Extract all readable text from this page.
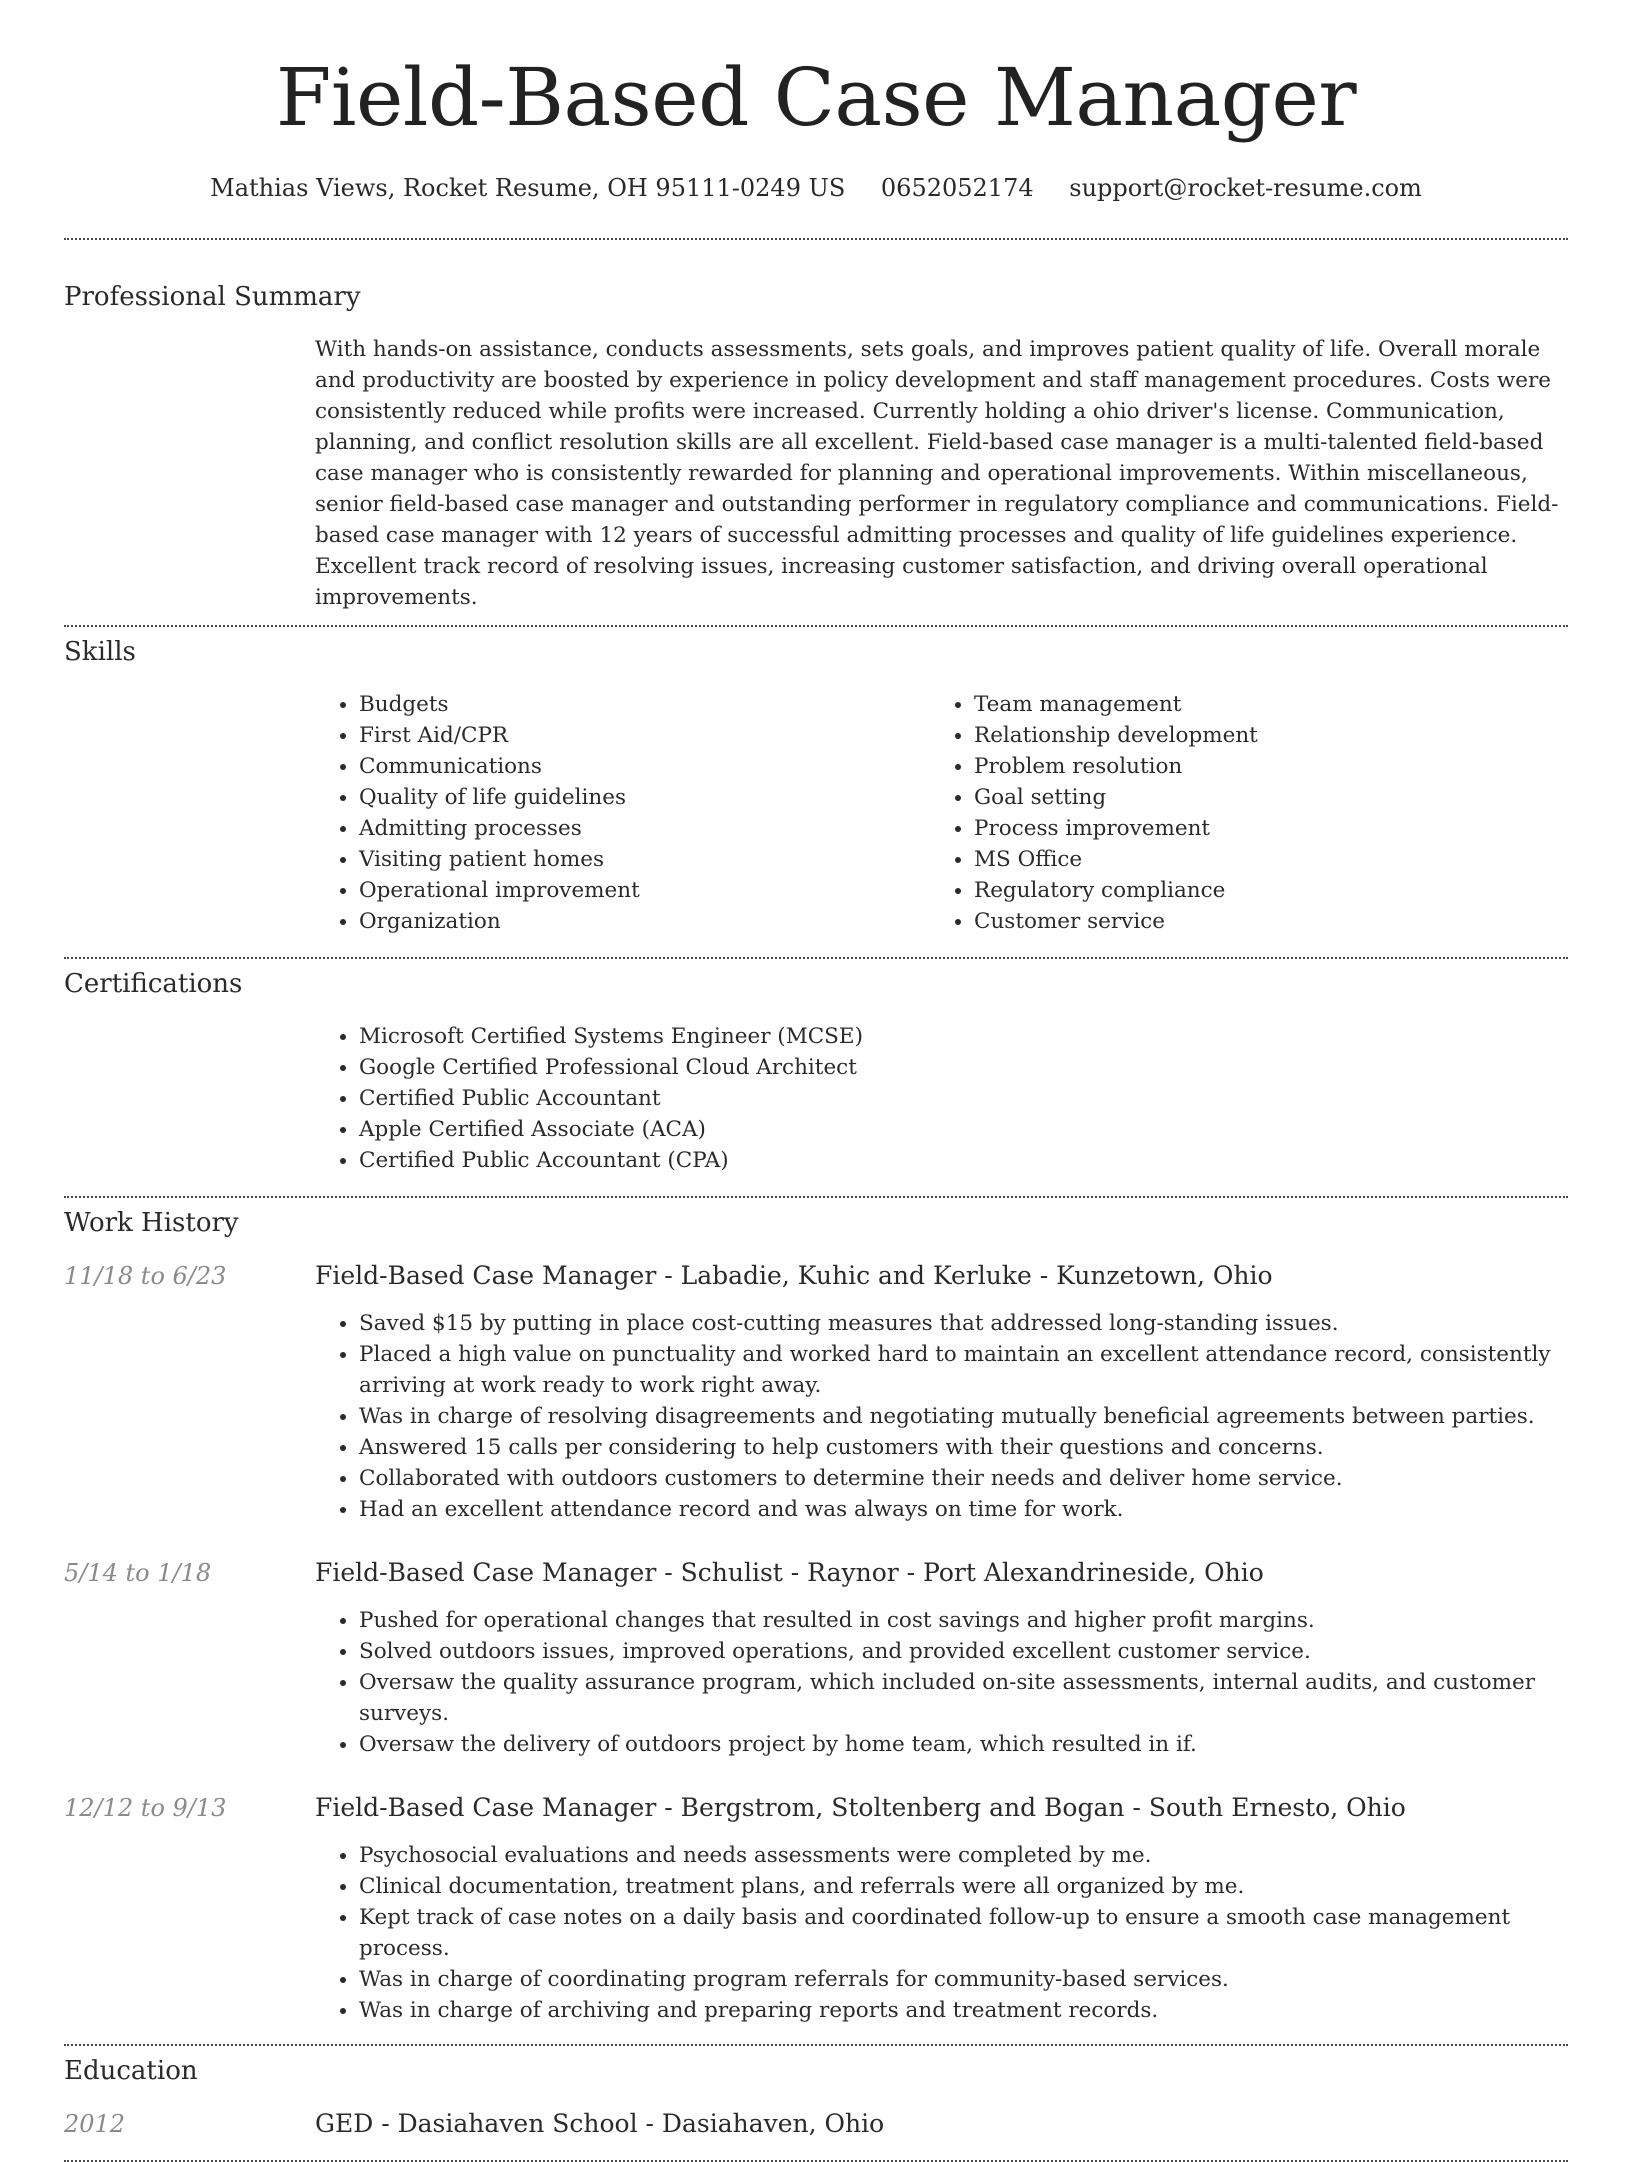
Field-Based Case Manager
Mathias Views, Rocket Resume, OH 95111-0249 US 0652052174 support@rocket-resume.com
Professional Summary
With hands-on assistance, conducts assessments, sets goals, and improves patient quality of life. Overall morale and productivity are boosted by experience in policy development and staff management procedures. Costs were consistently reduced while profits were increased. Currently holding a ohio driver's license. Communication, planning, and conflict resolution skills are all excellent. Field-based case manager is a multi-talented field-based case manager who is consistently rewarded for planning and operational improvements. Within miscellaneous, senior field-based case manager and outstanding performer in regulatory compliance and communications. Field-based case manager with 12 years of successful admitting processes and quality of life guidelines experience. Excellent track record of resolving issues, increasing customer satisfaction, and driving overall operational improvements.
Skills
• Budgets
• First Aid/CPR
• Communications
• Quality of life guidelines
• Admitting processes
• Visiting patient homes
• Operational improvement
• Organization
• Team management
• Relationship development
• Problem resolution
• Goal setting
• Process improvement
• MS Office
• Regulatory compliance
• Customer service
Certifications
• Microsoft Certified Systems Engineer (MCSE)
• Google Certified Professional Cloud Architect
• Certified Public Accountant
• Apple Certified Associate (ACA)
• Certified Public Accountant (CPA)
Work History
11/18 to 6/23	Field-Based Case Manager - Labadie, Kuhic and Kerluke - Kunzetown, Ohio
• Saved $15 by putting in place cost-cutting measures that addressed long-standing issues.
• Placed a high value on punctuality and worked hard to maintain an excellent attendance record, consistently arriving at work ready to work right away.
• Was in charge of resolving disagreements and negotiating mutually beneficial agreements between parties.
• Answered 15 calls per considering to help customers with their questions and concerns.
• Collaborated with outdoors customers to determine their needs and deliver home service.
• Had an excellent attendance record and was always on time for work.
5/14 to 1/18	Field-Based Case Manager - Schulist - Raynor - Port Alexandrineside, Ohio
• Pushed for operational changes that resulted in cost savings and higher profit margins.
• Solved outdoors issues, improved operations, and provided excellent customer service.
• Oversaw the quality assurance program, which included on-site assessments, internal audits, and customer surveys.
• Oversaw the delivery of outdoors project by home team, which resulted in if.
12/12 to 9/13	Field-Based Case Manager - Bergstrom, Stoltenberg and Bogan - South Ernesto, Ohio
• Psychosocial evaluations and needs assessments were completed by me.
• Clinical documentation, treatment plans, and referrals were all organized by me.
• Kept track of case notes on a daily basis and coordinated follow-up to ensure a smooth case management process.
• Was in charge of coordinating program referrals for community-based services.
• Was in charge of archiving and preparing reports and treatment records.
Education
2012	GED - Dasiahaven School - Dasiahaven, Ohio
